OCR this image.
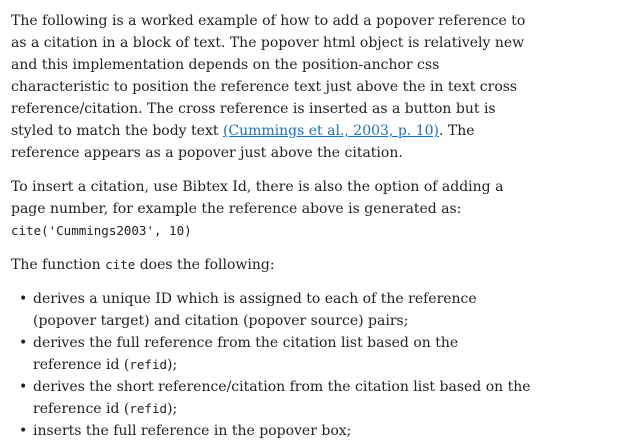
The following is a worked example of how to add a popover reference to as a citation in a block of text. The popover html object is relatively new and this implementation depends on the position-anchor css characteristic to position the reference text just above the in text cross reference/citation. The cross reference is inserted as a button but is styled to match the body text (Cummings et al., 2003, p. 10). The reference appears as a popover just above the citation.

To insert a citation, use Bibtex Id, there is also the option of adding a page number, for example the reference above is generated as: cite('Cummings2003', 10)

The function cite does the following:

• derives a unique ID which is assigned to each of the reference (popover target) and citation (popover source) pairs;
• derives the full reference from the citation list based on the reference id (refid);
• derives the short reference/citation from the citation list based on the reference id (refid);
• inserts the full reference in the popover box;
